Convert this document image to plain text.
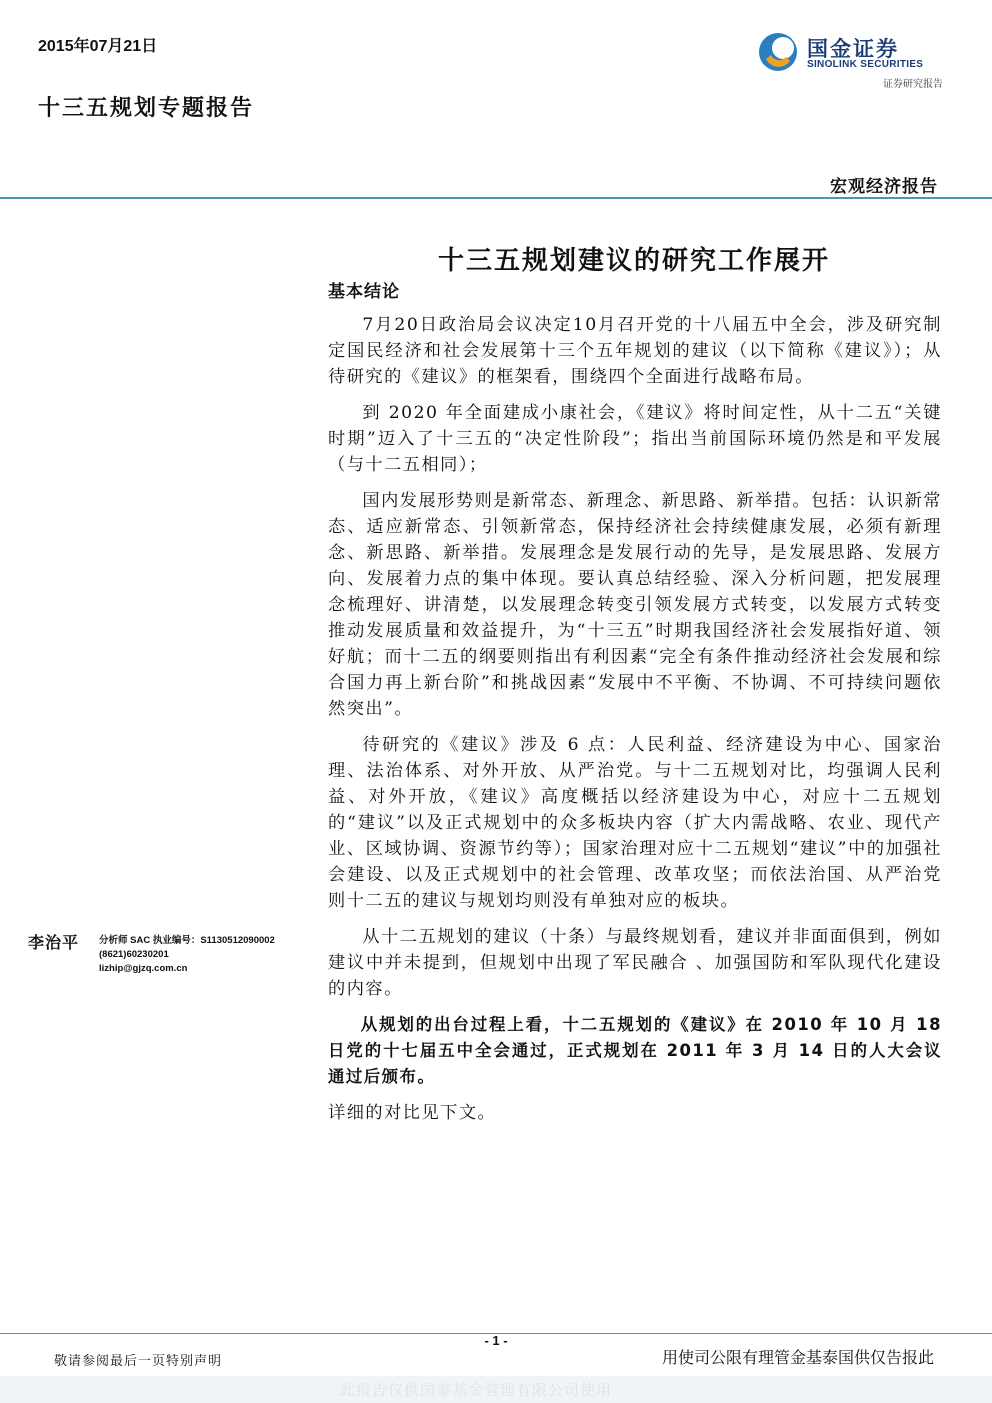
2015年07月21日
十三五规划专题报告
国金证券
SINOLINK SECURITIES
证券研究报告
宏观经济报告
十三五规划建议的研究工作展开
基本结论

7月20日政治局会议决定10月召开党的十八届五中全会，涉及研究制定国民经济和社会发展第十三个五年规划的建议（以下简称《建议》）；从待研究的《建议》的框架看，围绕四个全面进行战略布局。

到 2020 年全面建成小康社会，《建议》将时间定性，从十二五“关键时期”迈入了十三五的“决定性阶段”；指出当前国际环境仍然是和平发展（与十二五相同）；

国内发展形势则是新常态、新理念、新思路、新举措。包括：认识新常态、适应新常态、引领新常态，保持经济社会持续健康发展，必须有新理念、新思路、新举措。发展理念是发展行动的先导，是发展思路、发展方向、发展着力点的集中体现。要认真总结经验、深入分析问题，把发展理念梳理好、讲清楚，以发展理念转变引领发展方式转变，以发展方式转变推动发展质量和效益提升，为“十三五”时期我国经济社会发展指好道、领好航；而十二五的纲要则指出有利因素“完全有条件推动经济社会发展和综合国力再上新台阶”和挑战因素“发展中不平衡、不协调、不可持续问题依然突出”。

待研究的《建议》涉及 6 点：人民利益、经济建设为中心、国家治理、法治体系、对外开放、从严治党。与十二五规划对比，均强调人民利益、对外开放，《建议》高度概括以经济建设为中心，对应十二五规划的“建议”以及正式规划中的众多板块内容（扩大内需战略、农业、现代产业、区域协调、资源节约等）；国家治理对应十二五规划“建议”中的加强社会建设、以及正式规划中的社会管理、改革攻坚；而依法治国、从严治党则十二五的建议与规划均则没有单独对应的板块。

从十二五规划的建议（十条）与最终规划看，建议并非面面俱到，例如建议中并未提到，但规划中出现了军民融合 、加强国防和军队现代化建设的内容。

从规划的出台过程上看，十二五规划的《建议》在 2010 年 10 月 18 日党的十七届五中全会通过，正式规划在 2011 年 3 月 14 日的人大会议通过后颁布。

详细的对比见下文。

李治平 分析师 SAC 执业编号：S1130512090002
(8621)60230201
lizhip@gjzq.com.cn
- 1 -
敬请参阅最后一页特别声明	用使司公限有理管金基泰国供仅告报此
此报告仅供国泰基金管理有限公司使用
